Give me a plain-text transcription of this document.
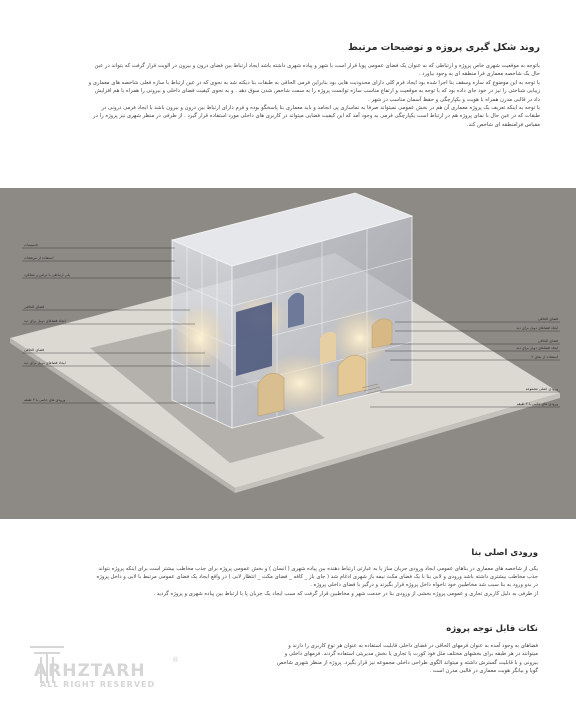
روند شکل گیری پروژه و توضیحات مرتبط
باتوجه به موقعیت شهری خاص پروژه و ارتباطی که به عنوان یک فضای عمومی پویا قرار است با شهر و پیاده شهری داشته باشد ایجاد ارتباط بین فضای درون و بیرون در الویت قرار گرفت که بتواند در عین
حال یک شاخصه معماری فرا منطقه ای به وجود بیاورد .
با توجه به این موضوع که سازه وسقف بنا اجرا شده بود ایجاد فرم کلی دارای محدودیت هایی بود بنابراین فرمی الحاقی به طبقات بنا دیکته شد به نحوی که در عین ارتباط با سازه فعلی شاخصه های معماری و
زیبایی شناختی را نیز در خود جای داده بود که با توجه به موقعیت و ارتفاع مناسب سازه توانست پروژه را به سمت شاخص شدن سوق دهد . و به نحوی کیفیت فضای داخلی و بیرونی را همراه با هم افزایش
داد در قالبی مدرن همراه با هویت و یکپارچگی و حفظ آسمان مناسب در شهر .
با توجه به اینکه تعریف یک پروژه معماری آن هم در بخش عمومی نمیتواند صرفا به نماسازی پی انجامد و باید معماری بنا پاسخگو بوده و فرم دارای ارتباط بین درون و بیرون باشد با ایجاد فرمی درونی در
طبقات که در عین حال با نمای پروژه هم در ارتباط است یکپارچگی فرمی به وجود آمد که این کیفیت فضایی میتواند در کاربری های داخلی مورد استفاده قرار گیرد . از طرفی در منظر شهری نیز پروژه را در
مقیاس فرامنطقه ای شاخص کند.
تاسیسات
استفاده از مرتفعات
پلی ارتباطی با تراس و عملکرد
فضای الحاقی
ایجاد فضاهای دوبل برای دید
فضای الحاقی
ایجاد فضاهای دوبل برای دید
ورودی های جانبی با ۳ طبقه
فضای الحاقی
ایجاد فضاهای دوبل برای دید
فضای الحاقی
ایجاد فضاهای دوبل برای دید
استفاده از نمای ۲
ورودی اصلی مجموعه
ورودی های جانبی با ۳ طبقه
ورودی اصلی بنا
یکی از شاخصه های معماری در بناهای عمومی ایجاد ورودی جریان ساز یا به عبارتی ارتباط دهنده بین پیاده شهری ( انسان ) و بخش عمومی پروژه برای جذب مخاطب بیشتر است برای اینکه پروژه بتواند
جذب مخاطب بیشتری داشته باشد ورودی و لابی بنا با یک فضای مکث نیمه باز شهری ادغام شد ( جای باز _ کافه _ فضای مکث _ انتظار لابی ) در واقع ایجاد یک فضای عمومی مرتبط با لابی و داخل پروژه
در بدو ورود به بنا سبب شد مخاطبین خود ناخواه داخل پروژه قرار بگیرند و درگیر با فضای داخلی پروژه .
از طرفی به دلیل کاربری تجاری و عمومی پروژه بخشی از ورودی بنا در خدمت شهر و مخاطبین قرار گرفت که سبب ایجاد یک جریان پا با ارتباط بین پیاده شهری و پروژه گردید .
نکات قابل توجه پروژه
فضاهای به وجود آمده به عنوان فرمهای الحاقی در فضای داخلی قابلیت استفاده به عنوان هر نوع کاربری را دارند و
میتوانند در هر طبقه برای بخشهای مختلف مثل فود کورت یا تجاری یا بخش مدیریتی استفاده گردند. فرمهای داخلی و
بیرونی و با قابلیت گسترش داشته و میتواند الگوی طراحی داخلی مجموعه نیز قرار بگیرد. پروژه از منظر شهری شاخص
گویا و بیانگر هویت معماری در قالبی مدرن است .
ARHZTARH
ALL RIGHT RESERVED
®
